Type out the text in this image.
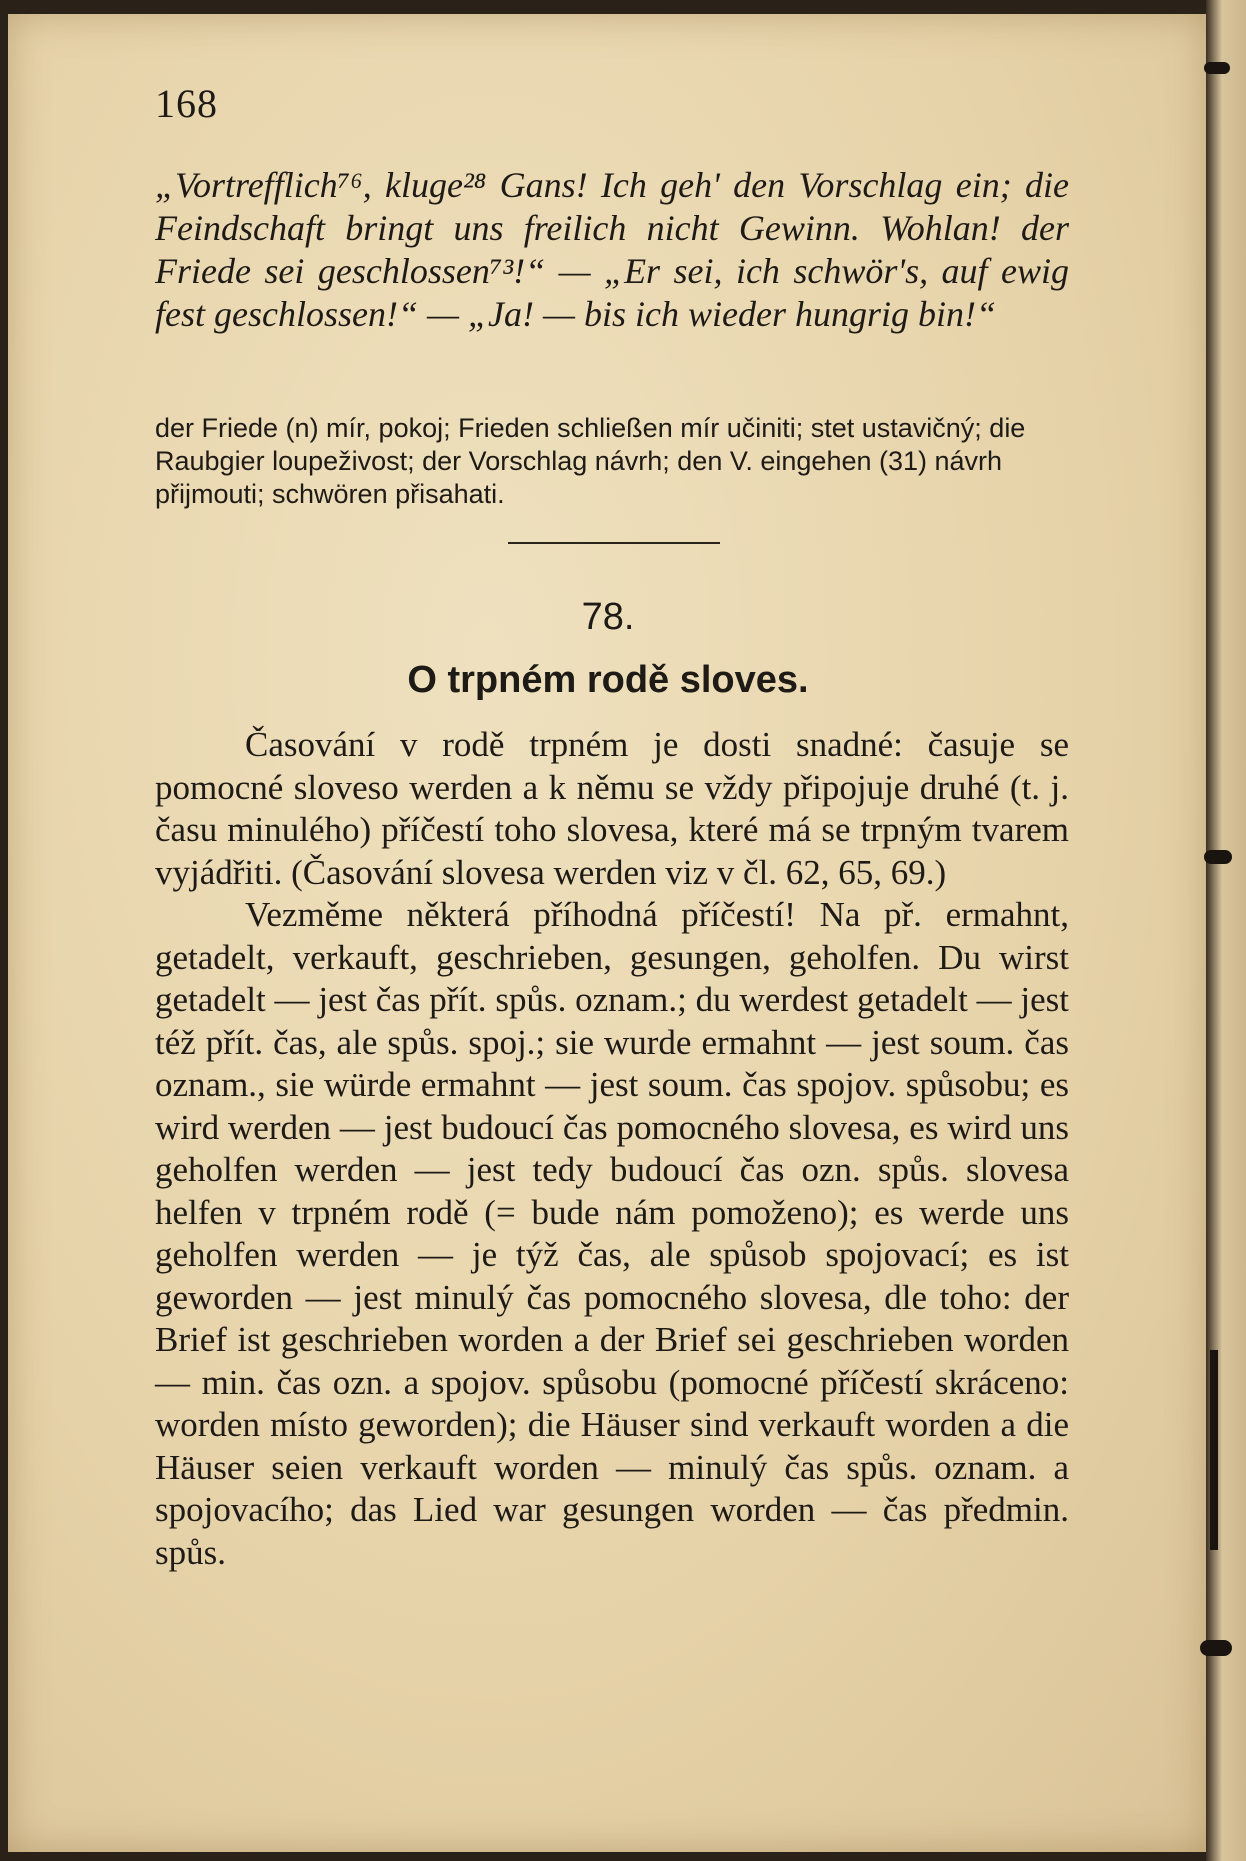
168

„Vortrefflich⁷⁶, kluge²⁸ Gans! Ich geh' den Vorschlag ein; die Feindschaft bringt uns freilich nicht Gewinn. Wohlan! der Friede sei geschlossen⁷³!“ — „Er sei, ich schwör's, auf ewig fest geschlossen!“ — „Ja! — bis ich wieder hungrig bin!“

der Friede (n) mír, pokoj; Frieden schließen mír učiniti; stet ustavičný; die Raubgier loupeživost; der Vorschlag návrh; den V. eingehen (31) návrh přijmouti; schwören přisahati.

78.
O trpném rodě sloves.

Časování v rodě trpném je dosti snadné: časuje se pomocné sloveso werden a k němu se vždy připojuje druhé (t. j. času minulého) příčestí toho slovesa, které má se trpným tvarem vyjádřiti. (Časování slovesa werden viz v čl. 62, 65, 69.)

Vezměme některá příhodná příčestí! Na př. ermahnt, getadelt, verkauft, geschrieben, gesungen, geholfen. Du wirst getadelt — jest čas přít. spůs. oznam.; du werdest getadelt — jest též přít. čas, ale spůs. spoj.; sie wurde ermahnt — jest soum. čas oznam., sie würde ermahnt — jest soum. čas spojov. spůsobu; es wird werden — jest budoucí čas pomocného slovesa, es wird uns geholfen werden — jest tedy budoucí čas ozn. spůs. slovesa helfen v trpném rodě (= bude nám pomoženo); es werde uns geholfen werden — je týž čas, ale spůsob spojovací; es ist geworden — jest minulý čas pomocného slovesa, dle toho: der Brief ist geschrieben worden a der Brief sei geschrieben worden — min. čas ozn. a spojov. spůsobu (pomocné příčestí skráceno: worden místo geworden); die Häuser sind verkauft worden a die Häuser seien verkauft worden — minulý čas spůs. oznam. a spojovacího; das Lied war gesungen worden — čas předmin. spůs.
